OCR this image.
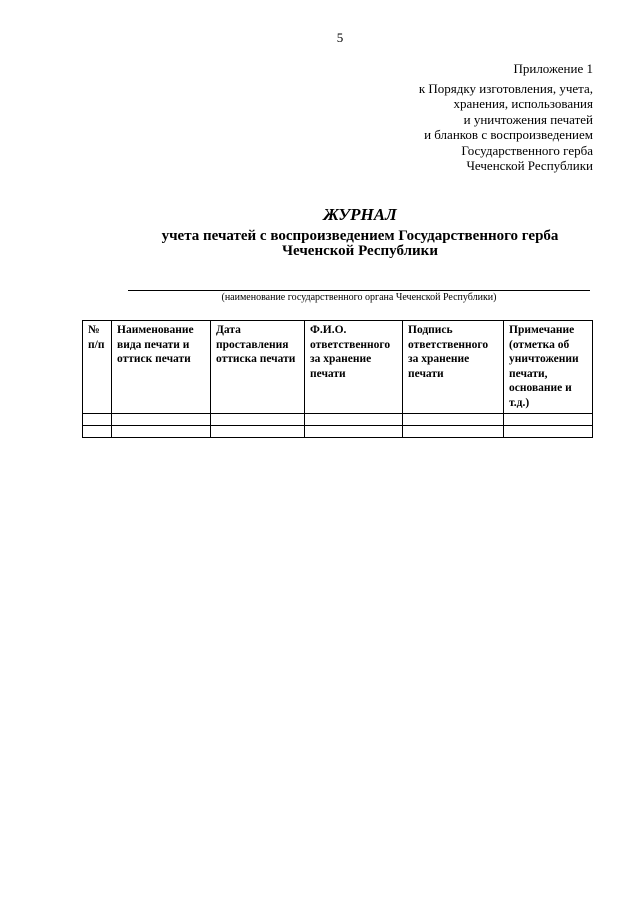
5
Приложение 1
к Порядку изготовления, учета,
хранения, использования
и уничтожения печатей
и бланков с воспроизведением
Государственного герба
Чеченской Республики
ЖУРНАЛ
учета печатей с воспроизведением Государственного герба
Чеченской Республики
(наименование государственного органа Чеченской Республики)
№ п/п	Наименование вида печати и оттиск печати	Дата проставления оттиска печати	Ф.И.О. ответственного за хранение печати	Подпись ответственного за хранение печати	Примечание (отметка об уничтожении печати, основание и т.д.)
